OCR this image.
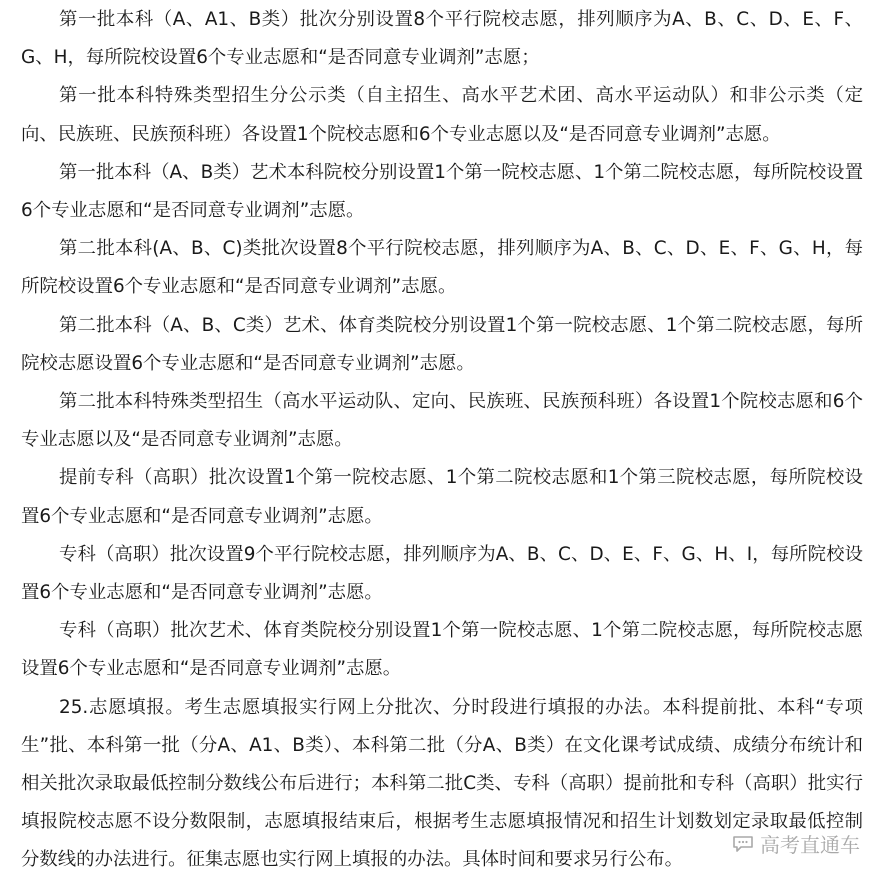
第一批本科（A、A1、B类）批次分别设置8个平行院校志愿，排列顺序为A、B、C、D、E、F、G、H，每所院校设置6个专业志愿和“是否同意专业调剂”志愿；

第一批本科特殊类型招生分公示类（自主招生、高水平艺术团、高水平运动队）和非公示类（定向、民族班、民族预科班）各设置1个院校志愿和6个专业志愿以及“是否同意专业调剂”志愿。

第一批本科（A、B类）艺术本科院校分别设置1个第一院校志愿、1个第二院校志愿，每所院校设置6个专业志愿和“是否同意专业调剂”志愿。

第二批本科(A、B、C)类批次设置8个平行院校志愿，排列顺序为A、B、C、D、E、F、G、H，每所院校设置6个专业志愿和“是否同意专业调剂”志愿。

第二批本科（A、B、C类）艺术、体育类院校分别设置1个第一院校志愿、1个第二院校志愿，每所院校志愿设置6个专业志愿和“是否同意专业调剂”志愿。

第二批本科特殊类型招生（高水平运动队、定向、民族班、民族预科班）各设置1个院校志愿和6个专业志愿以及“是否同意专业调剂”志愿。

提前专科（高职）批次设置1个第一院校志愿、1个第二院校志愿和1个第三院校志愿，每所院校设置6个专业志愿和“是否同意专业调剂”志愿。

专科（高职）批次设置9个平行院校志愿，排列顺序为A、B、C、D、E、F、G、H、I，每所院校设置6个专业志愿和“是否同意专业调剂”志愿。

专科（高职）批次艺术、体育类院校分别设置1个第一院校志愿、1个第二院校志愿，每所院校志愿设置6个专业志愿和“是否同意专业调剂”志愿。

25.志愿填报。考生志愿填报实行网上分批次、分时段进行填报的办法。本科提前批、本科“专项生”批、本科第一批（分A、A1、B类）、本科第二批（分A、B类）在文化课考试成绩、成绩分布统计和相关批次录取最低控制分数线公布后进行；本科第二批C类、专科（高职）提前批和专科（高职）批实行填报院校志愿不设分数限制，志愿填报结束后，根据考生志愿填报情况和招生计划数划定录取最低控制分数线的办法进行。征集志愿也实行网上填报的办法。具体时间和要求另行公布。

高考直通车
